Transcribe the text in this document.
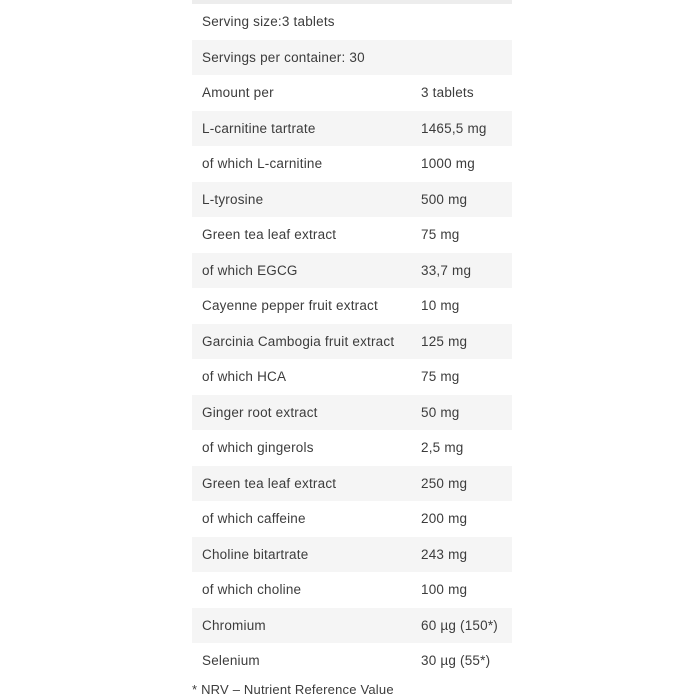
Serving size:3 tablets
Servings per container: 30
Amount per	3 tablets
L-carnitine tartrate	1465,5 mg
of which L-carnitine	1000 mg
L-tyrosine	500 mg
Green tea leaf extract	75 mg
of which EGCG	33,7 mg
Cayenne pepper fruit extract	10 mg
Garcinia Cambogia fruit extract	125 mg
of which HCA	75 mg
Ginger root extract	50 mg
of which gingerols	2,5 mg
Green tea leaf extract	250 mg
of which caffeine	200 mg
Choline bitartrate	243 mg
of which choline	100 mg
Chromium	60 µg (150*)
Selenium	30 µg (55*)
* NRV – Nutrient Reference Value
